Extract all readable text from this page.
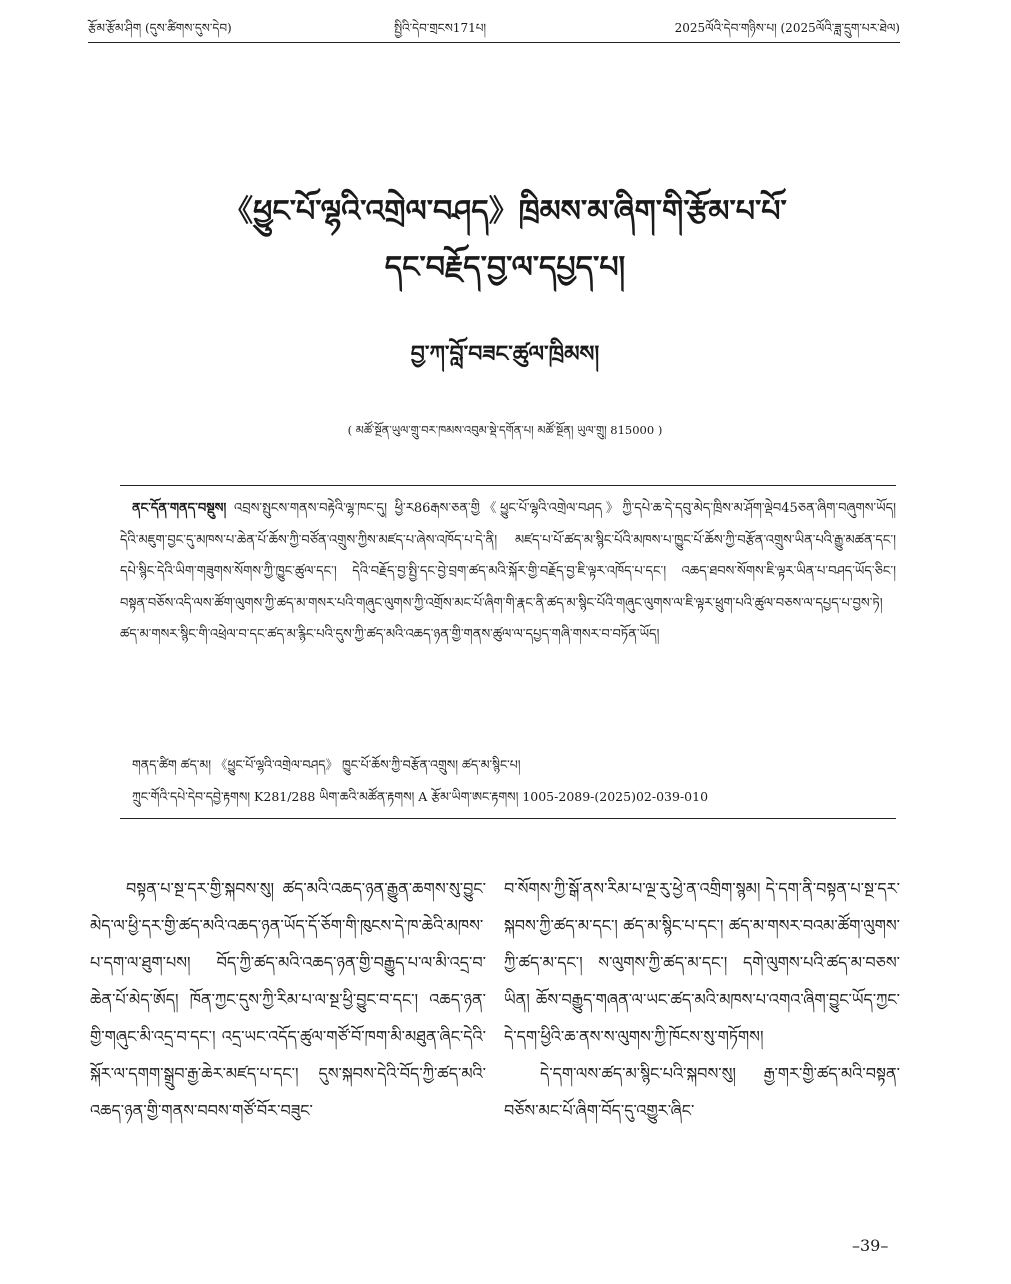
རྩོམ་རྩོམ་ཤིག (དུས་ཚིགས་དུས་དེབ)	སྤྱིའི་དེབ་གྲངས171པ།	2025ལོའི་དེབ་གཉིས་པ། (2025ལོའི་ཟླ་དྲུག་པར་ཐེལ)
《ཕྱུང་པོ་ལྷའི་འགྲེལ་བཤད》ཁྲིམས་མ་ཞིག་གི་རྩོམ་པ་པོ་
དང་བརྗོད་བྱ་ལ་དཔྱད་པ།
བྱ་ཀ་བློ་བཟང་ཚུལ་ཁྲིམས།
( མཚོ་སྔོན་ཡུལ་གྲུ་བར་ཁམས་འབུམ་སྡེ་དགོན་པ། མཚོ་སྔོན། ཡུལ་གྲུ། 815000 )
ནང་དོན་གནད་བསྡུས། འབྲས་སྤུངས་གནས་བརྟེའི་ལྷ་ཁང་དུ། ཕྱི་ར86རྒས་ཅན་གྱི《ཕྱུང་པོ་ལྷའི་འགྲེལ་བཤད》ཀྱི་དཔེ་ཆ་དེ་དབུ་མེད་ཁྲིས་མ་ཤོག་ལྡེབ45ཅན་ཞིག་བཞུགས་ཡོད། དེའི་མཇུག་བྱང་དུ་མཁས་པ་ཆེན་པོ་ཆོས་ཀྱི་བཙོན་འགྲུས་ཀྱིས་མཛད་པ་ཞེས་འཁོད་པ་དེ་ནི། མཛད་པ་པོ་ཚད་མ་སྙིང་པོའི་མཁས་པ་ཁྱུང་པོ་ཆོས་ཀྱི་བརྩོན་འགྲུས་ཡིན་པའི་རྒྱུ་མཚན་དང་། དཔེ་སྙིང་དེའི་ཡིག་གཟུགས་སོགས་ཀྱི་ཁྱུང་ཚུལ་དང་། དེའི་བརྗོད་བྱ་སྤྱི་དང་བྱེ་བྲག་ཚད་མའི་སྐོར་གྱི་བརྗོད་བྱ་ཇི་ལྟར་འཁོད་པ་དང་། འཆད་ཐབས་སོགས་ཇི་ལྟར་ཡིན་པ་བཤད་ཡོད་ཅིང་། བསྟན་བཅོས་འདི་ལས་ཚོག་ལུགས་ཀྱི་ཚད་མ་གསར་པའི་གཞུང་ལུགས་ཀྱི་འགྲོས་མང་པོ་ཞིག་གི་རྣང་ནི་ཚད་མ་སྙིང་པོའི་གཞུང་ལུགས་ལ་ཇི་ལྟར་ཕྲུག་པའི་ཚུལ་བཅས་ལ་དཔྱད་པ་བྱས་ཏེ། ཚད་མ་གསར་སྙིང་གི་འཕྲེལ་བ་དང་ཚད་མ་རྙིང་པའི་དུས་ཀྱི་ཚད་མའི་འཆད་ཉན་གྱི་གནས་ཚུལ་ལ་དཔྱད་གཞི་གསར་བ་བཏོན་ཡོད།
གནད་ཚིག ཚད་མ། 《ཕྱུང་པོ་ལྷའི་འགྲེལ་བཤད》 ཁྱུང་པོ་ཆོས་ཀྱི་བརྩོན་འགྲུས། ཚད་མ་སྙིང་པ།
ཀྲུང་གོའི་དཔེ་དེབ་དབྱེ་རྟགས། K281/288 ཡིག་ཆའི་མཚོན་རྟགས། A རྩོམ་ཡིག་ཨང་རྟགས། 1005-2089-(2025)02-039-010

བསྟན་པ་སྔ་དར་གྱི་སྐབས་སུ། ཚད་མའི་འཆད་ཉན་རྒྱུན་ཆགས་སུ་བྱུང་མེད་ལ་ཕྱི་དར་གྱི་ཚད་མའི་འཆད་ཉན་ཡོད་དོ་ཅོག་གི་ཁུངས་དེ་ཁ་ཆེའི་མཁས་པ་དག་ལ་ཐུག་པས། བོད་ཀྱི་ཚད་མའི་འཆད་ཉན་གྱི་བརྒྱུད་པ་ལ་མི་འདྲ་བ་ཆེན་པོ་མེད་ཨོད། ཁོན་ཀྱང་དུས་ཀྱི་རིམ་པ་ལ་སྔ་ཕྱི་བྱུང་བ་དང་། འཆད་ཉན་གྱི་གཞུང་མི་འདྲ་བ་དང་། འདྲ་ཡང་འདོད་ཚུལ་གཙོ་བོ་ཁག་མི་མཐུན་ཞིང་དེའི་སྐོར་ལ་དགག་སྒྲུབ་རྒྱ་ཆེར་མཛད་པ་དང་། དུས་སྐབས་དེའི་བོད་ཀྱི་ཚད་མའི་འཆད་ཉན་གྱི་གནས་བབས་གཙོ་བོར་བཟུང་

བ་སོགས་ཀྱི་སྒོ་ནས་རིམ་པ་ལྔ་རུ་ཕྱེ་ན་འགྲིག་སྙམ། དེ་དག་ནི་བསྟན་པ་སྔ་དར་སྐབས་ཀྱི་ཚད་མ་དང་། ཚད་མ་སྙིང་པ་དང་། ཚད་མ་གསར་བའམ་ཚོག་ལུགས་ཀྱི་ཚད་མ་དང་། ས་ལུགས་ཀྱི་ཚད་མ་དང་། དགེ་ལུགས་པའི་ཚད་མ་བཅས་ཡིན། ཆོས་བརྒྱུད་གཞན་ལ་ཡང་ཚད་མའི་མཁས་པ་འགའ་ཞིག་བྱུང་ཡོད་ཀྱང་དེ་དག་ཕྱིའི་ཆ་ནས་ས་ལུགས་ཀྱི་ཁོངས་སུ་གཏོགས།

དེ་དག་ལས་ཚད་མ་སྙིང་པའི་སྐབས་སུ། རྒྱ་གར་གྱི་ཚད་མའི་བསྟན་བཅོས་མང་པོ་ཞིག་བོད་དུ་འགྱུར་ཞིང་

–39–
